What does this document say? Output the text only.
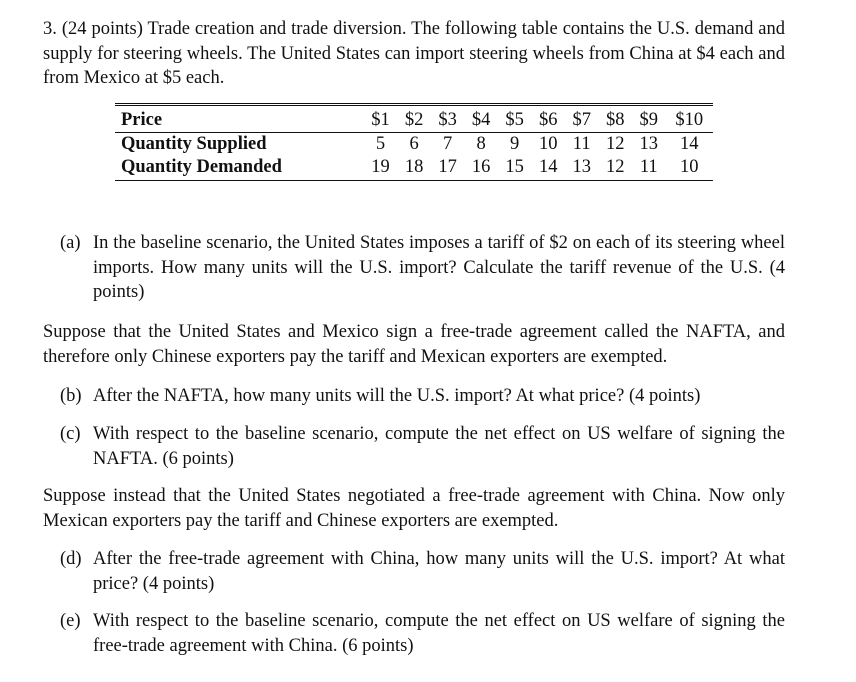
3. (24 points) Trade creation and trade diversion. The following table contains the U.S. demand and supply for steering wheels. The United States can import steering wheels from China at $4 each and from Mexico at $5 each.

Price	$1	$2	$3	$4	$5	$6	$7	$8	$9	$10
Quantity Supplied	5	6	7	8	9	10	11	12	13	14
Quantity Demanded	19	18	17	16	15	14	13	12	11	10
(a) In the baseline scenario, the United States imposes a tariff of $2 on each of its steering wheel imports. How many units will the U.S. import? Calculate the tariff revenue of the U.S. (4 points)

Suppose that the United States and Mexico sign a free-trade agreement called the NAFTA, and therefore only Chinese exporters pay the tariff and Mexican exporters are exempted.

(b) After the NAFTA, how many units will the U.S. import? At what price? (4 points)
(c) With respect to the baseline scenario, compute the net effect on US welfare of signing the NAFTA. (6 points)

Suppose instead that the United States negotiated a free-trade agreement with China. Now only Mexican exporters pay the tariff and Chinese exporters are exempted.

(d) After the free-trade agreement with China, how many units will the U.S. import? At what price? (4 points)
(e) With respect to the baseline scenario, compute the net effect on US welfare of signing the free-trade agreement with China. (6 points)
